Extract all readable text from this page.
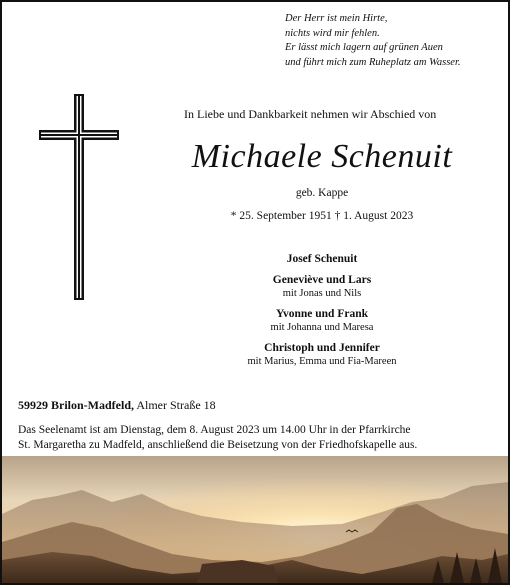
Der Herr ist mein Hirte,
nichts wird mir fehlen.
Er lässt mich lagern auf grünen Auen
und führt mich zum Ruheplatz am Wasser.
In Liebe und Dankbarkeit nehmen wir Abschied von
Michaele Schenuit
geb. Kappe
* 25. September 1951 † 1. August 2023
Josef Schenuit
Geneviève und Lars
mit Jonas und Nils
Yvonne und Frank
mit Johanna und Maresa
Christoph und Jennifer
mit Marius, Emma und Fia-Mareen
59929 Brilon-Madfeld, Almer Straße 18
Das Seelenamt ist am Dienstag, dem 8. August 2023 um 14.00 Uhr in der Pfarrkirche
St. Margaretha zu Madfeld, anschließend die Beisetzung von der Friedhofskapelle aus.
